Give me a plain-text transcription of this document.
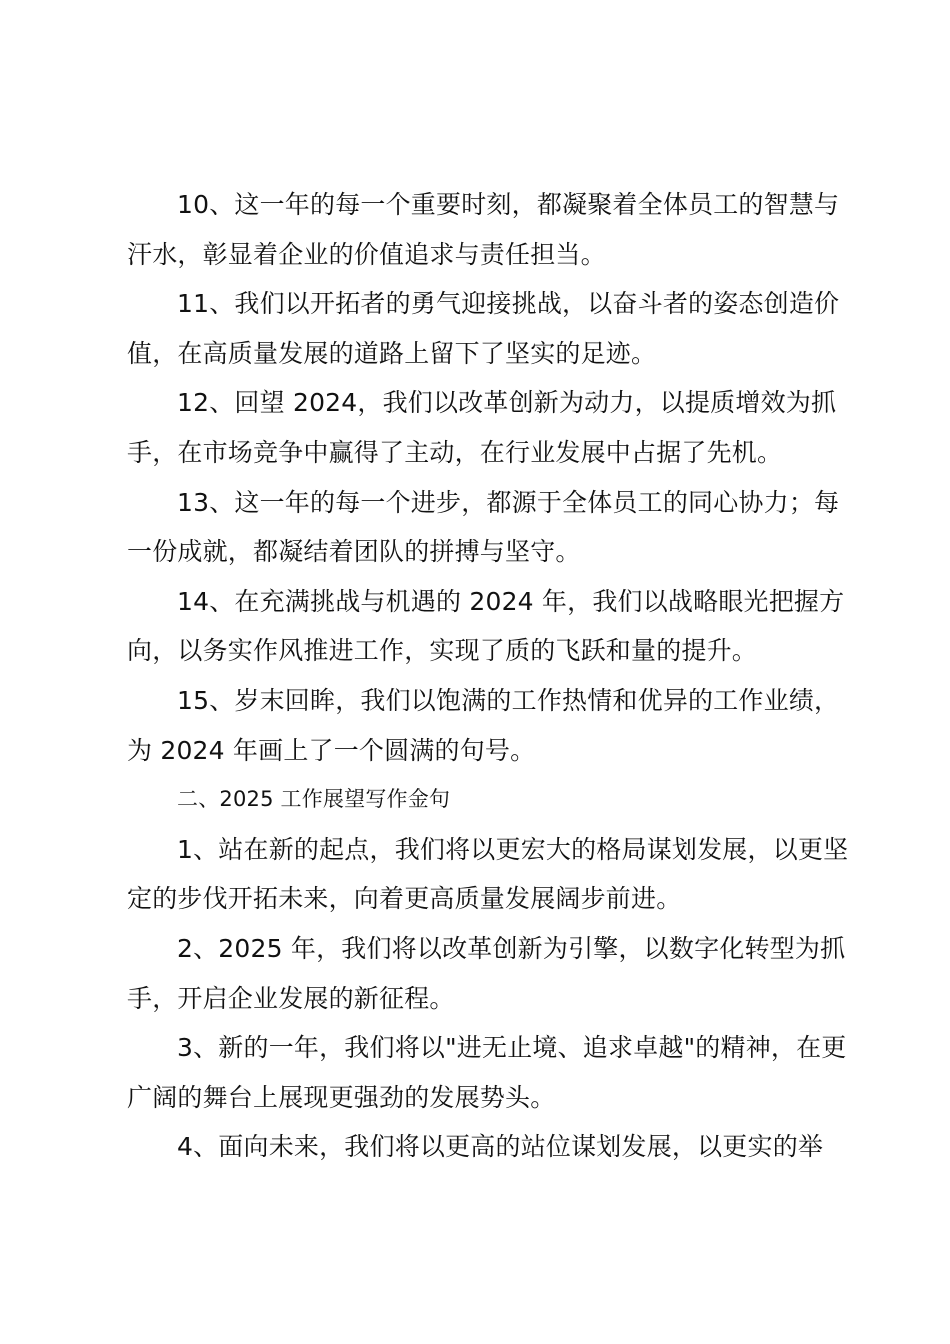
10、这一年的每一个重要时刻，都凝聚着全体员工的智慧与汗水，彰显着企业的价值追求与责任担当。

11、我们以开拓者的勇气迎接挑战，以奋斗者的姿态创造价值，在高质量发展的道路上留下了坚实的足迹。

12、回望 2024，我们以改革创新为动力，以提质增效为抓手，在市场竞争中赢得了主动，在行业发展中占据了先机。

13、这一年的每一个进步，都源于全体员工的同心协力；每一份成就，都凝结着团队的拼搏与坚守。

14、在充满挑战与机遇的 2024 年，我们以战略眼光把握方向，以务实作风推进工作，实现了质的飞跃和量的提升。

15、岁末回眸，我们以饱满的工作热情和优异的工作业绩，为 2024 年画上了一个圆满的句号。

二、2025 工作展望写作金句

1、站在新的起点，我们将以更宏大的格局谋划发展，以更坚定的步伐开拓未来，向着更高质量发展阔步前进。

2、2025 年，我们将以改革创新为引擎，以数字化转型为抓手，开启企业发展的新征程。

3、新的一年，我们将以"进无止境、追求卓越"的精神，在更广阔的舞台上展现更强劲的发展势头。

4、面向未来，我们将以更高的站位谋划发展，以更实的举
